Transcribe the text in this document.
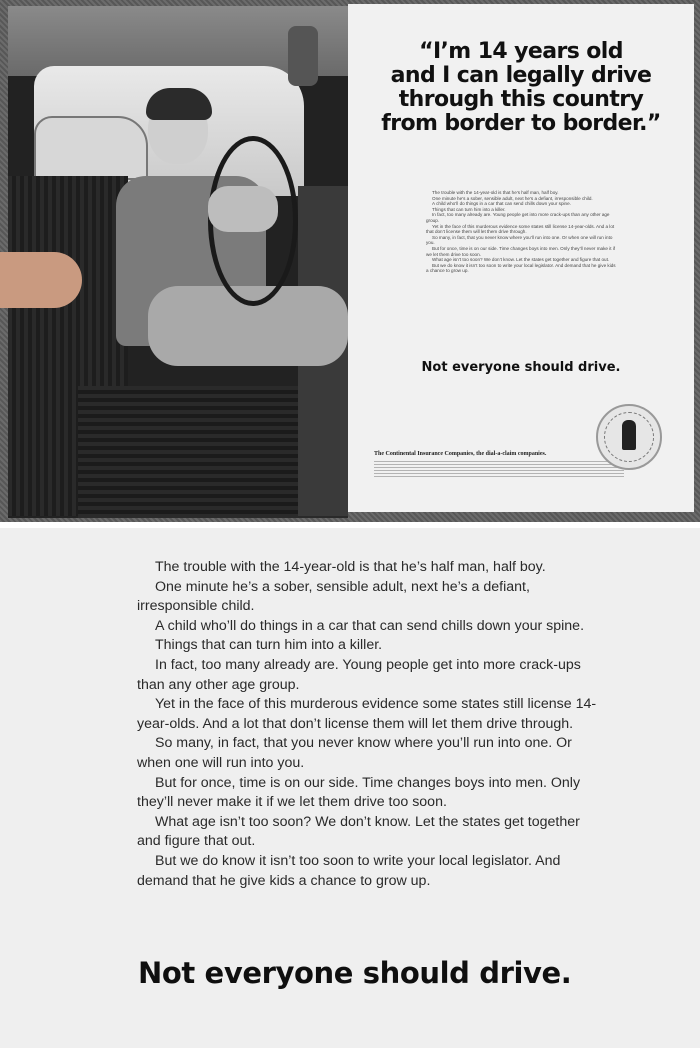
“I’m 14 years old
and I can legally drive
through this country
from border to border.”

The trouble with the 14-year-old is that he’s half man, half boy.

One minute he’s a sober, sensible adult, next he’s a defiant, irresponsible child.

A child who’ll do things in a car that can send chills down your spine.

Things that can turn him into a killer.

In fact, too many already are. Young people get into more crack-ups than any other age group.

Yet in the face of this murderous evidence some states still license 14-year-olds. And a lot that don’t license them will let them drive through.

So many, in fact, that you never know where you’ll run into one. Or when one will run into you.

But for once, time is on our side. Time changes boys into men. Only they’ll never make it if we let them drive too soon.

What age isn’t too soon? We don’t know. Let the states get together and figure that out.

But we do know it isn’t too soon to write your local legislator. And demand that he give kids a chance to grow up.

Not everyone should drive.
The Continental Insurance Companies, the dial-a-claim companies.

The trouble with the 14-year-old is that he’s half man, half boy.

One minute he’s a sober, sensible adult, next he’s a defiant, irresponsible child.

A child who’ll do things in a car that can send chills down your spine.

Things that can turn him into a killer.

In fact, too many already are. Young people get into more crack-ups than any other age group.

Yet in the face of this murderous evidence some states still license 14-year-olds. And a lot that don’t license them will let them drive through.

So many, in fact, that you never know where you’ll run into one. Or when one will run into you.

But for once, time is on our side. Time changes boys into men. Only they’ll never make it if we let them drive too soon.

What age isn’t too soon? We don’t know. Let the states get together and figure that out.

But we do know it isn’t too soon to write your local legislator. And demand that he give kids a chance to grow up.

Not everyone should drive.
